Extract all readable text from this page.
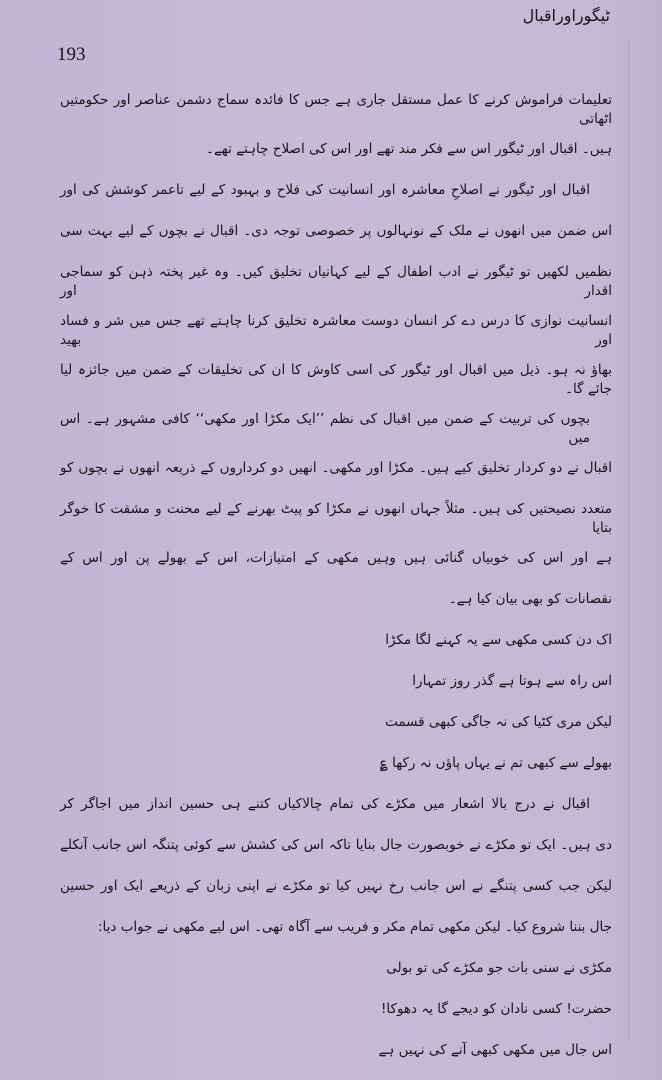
ٹیگوراوراقبال
193
تعلیمات فراموش کرنے کا عمل مستقل جاری ہے جس کا فائدہ سماج دشمن عناصر اور حکومتیں اٹھاتی
ہیں۔ اقبال اور ٹیگور اس سے فکر مند تھے اور اس کی اصلاح چاہتے تھے۔
اقبال اور ٹیگور نے اصلاحِ معاشرہ اور انسانیت کی فلاح و بہبود کے لیے تاعمر کوشش کی اور
اس ضمن میں انھوں نے ملک کے نونہالوں پر خصوصی توجہ دی۔ اقبال نے بچوں کے لیے بہت سی
نظمیں لکھیں تو ٹیگور نے ادب اطفال کے لیے کہانیاں تخلیق کیں۔ وہ غیر پختہ ذہن کو سماجی اقدار اور
انسانیت نوازی کا درس دے کر انسان دوست معاشرہ تخلیق کرنا چاہتے تھے جس میں شر و فساد اور بھید
بھاؤ نہ ہو۔ ذیل میں اقبال اور ٹیگور کی اسی کاوش کا ان کی تخلیقات کے ضمن میں جائزہ لیا جائے گا۔
بچوں کی تربیت کے ضمن میں اقبال کی نظم ’’ایک مکڑا اور مکھی‘‘ کافی مشہور ہے۔ اس میں
اقبال نے دو کردار تخلیق کیے ہیں۔ مکڑا اور مکھی۔ انھیں دو کرداروں کے ذریعہ انھوں نے بچوں کو
متعدد نصیحتیں کی ہیں۔ مثلاً جہاں انھوں نے مکڑا کو پیٹ بھرنے کے لیے محنت و مشقت کا خوگر بتایا
ہے اور اس کی خوبیاں گنائی ہیں وہیں مکھی کے امتیازات، اس کے بھولے پن اور اس کے
نقصانات کو بھی بیان کیا ہے۔
اک دن کسی مکھی سے یہ کہنے لگا مکڑا
اس راہ سے ہوتا ہے گذر روز تمہارا
لیکن مری کٹیا کی نہ جاگی کبھی قسمت
بھولے سے کبھی تم نے یہاں پاؤں نہ رکھا ؏
اقبال نے درج بالا اشعار میں مکڑے کی تمام چالاکیاں کتنے ہی حسین انداز میں اجاگر کر
دی ہیں۔ ایک تو مکڑے نے خوبصورت جال بنایا تاکہ اس کی کشش سے کوئی پتنگہ اس جانب آنکلے
لیکن جب کسی پتنگے نے اس جانب رخ نہیں کیا تو مکڑے نے اپنی زبان کے ذریعے ایک اور حسین
جال بننا شروع کیا۔ لیکن مکھی تمام مکر و فریب سے آگاہ تھی۔ اس لیے مکھی نے جواب دیا:
مکڑی نے سنی بات جو مکڑے کی تو بولی
حضرت! کسی نادان کو دیجے گا یہ دھوکا!
اس جال میں مکھی کبھی آنے کی نہیں ہے
